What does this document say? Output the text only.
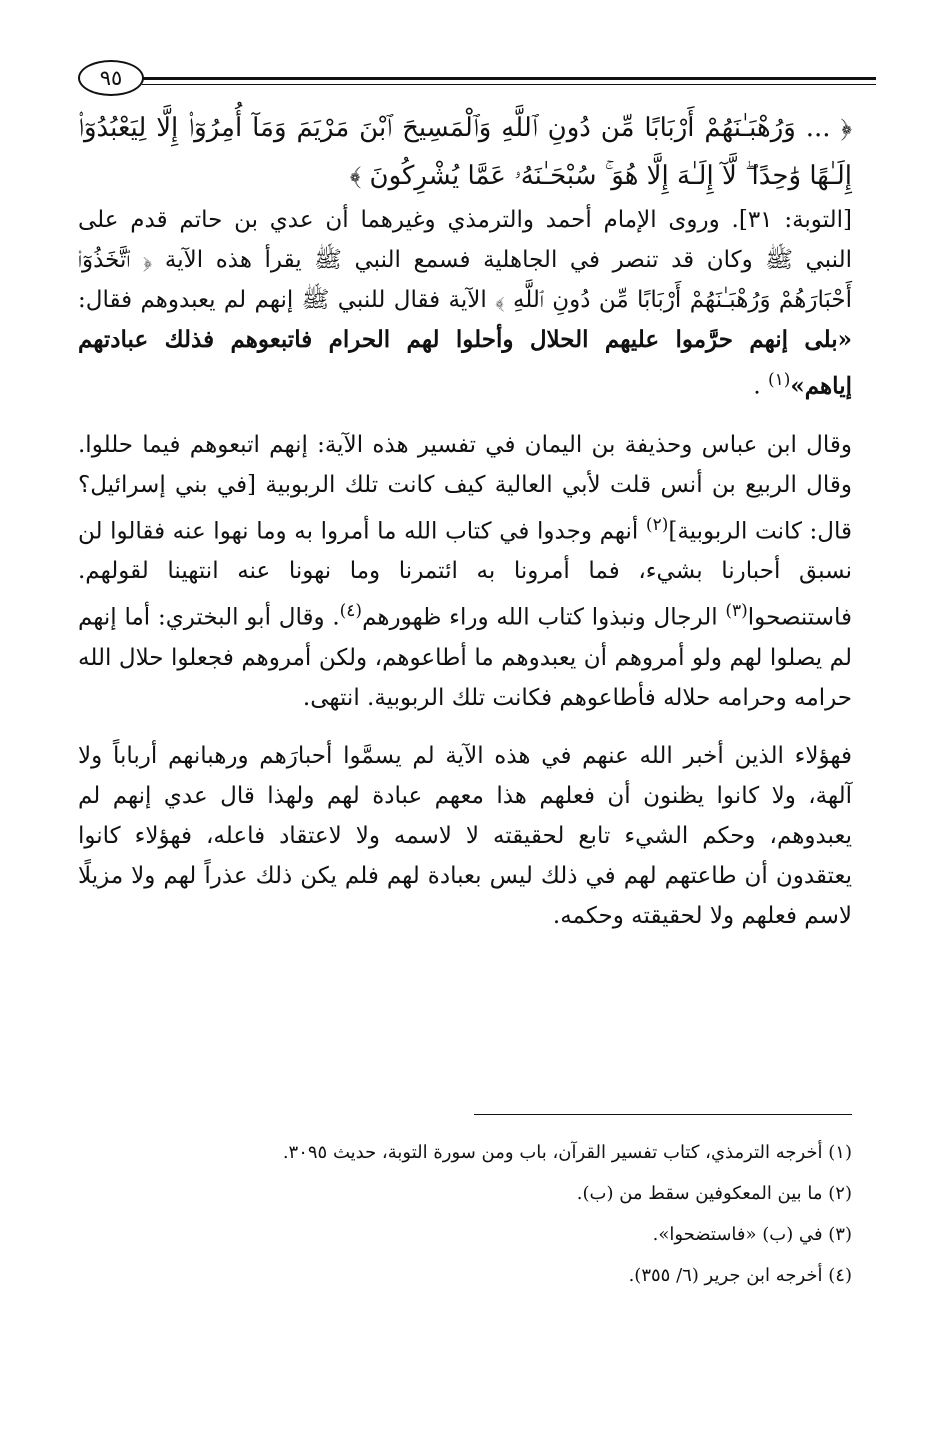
٩٥

﴿ ... وَرُهْبَـٰنَهُمْ أَرْبَابًا مِّن دُونِ ٱللَّهِ وَٱلْمَسِيحَ ٱبْنَ مَرْيَمَ وَمَآ أُمِرُوٓا۟ إِلَّا لِيَعْبُدُوٓا۟ إِلَـٰهًا وَٰحِدًا ۖ لَّآ إِلَـٰهَ إِلَّا هُوَ ۚ سُبْحَـٰنَهُۥ عَمَّا يُشْرِكُونَ ﴾

[التوبة: ٣١]. وروى الإمام أحمد والترمذي وغيرهما أن عدي بن حاتم قدم على النبي ﷺ وكان قد تنصر في الجاهلية فسمع النبي ﷺ يقرأ هذه الآية ﴿ ٱتَّخَذُوٓا۟ أَحْبَارَهُمْ وَرُهْبَـٰنَهُمْ أَرْبَابًا مِّن دُونِ ٱللَّهِ ﴾ الآية فقال للنبي ﷺ إنهم لم يعبدوهم فقال: «بلى إنهم حرَّموا عليهم الحلال وأحلوا لهم الحرام فاتبعوهم فذلك عبادتهم إياهم»$^{(١)}$ .

وقال ابن عباس وحذيفة بن اليمان في تفسير هذه الآية: إنهم اتبعوهم فيما حللوا. وقال الربيع بن أنس قلت لأبي العالية كيف كانت تلك الربوبية [في بني إسرائيل؟ قال: كانت الربوبية]$^{(٢)}$ أنهم وجدوا في كتاب الله ما أمروا به وما نهوا عنه فقالوا لن نسبق أحبارنا بشيء، فما أمرونا به ائتمرنا وما نهونا عنه انتهينا لقولهم. فاستنصحوا$^{(٣)}$ الرجال ونبذوا كتاب الله وراء ظهورهم$^{(٤)}$. وقال أبو البختري: أما إنهم لم يصلوا لهم ولو أمروهم أن يعبدوهم ما أطاعوهم، ولكن أمروهم فجعلوا حلال الله حرامه وحرامه حلاله فأطاعوهم فكانت تلك الربوبية. انتهى.

فهؤلاء الذين أخبر الله عنهم في هذه الآية لم يسمَّوا أحبارَهم ورهبانهم أرباباً ولا آلهة، ولا كانوا يظنون أن فعلهم هذا معهم عبادة لهم ولهذا قال عدي إنهم لم يعبدوهم، وحكم الشيء تابع لحقيقته لا لاسمه ولا لاعتقاد فاعله، فهؤلاء كانوا يعتقدون أن طاعتهم لهم في ذلك ليس بعبادة لهم فلم يكن ذلك عذراً لهم ولا مزيلًا لاسم فعلهم ولا لحقيقته وحكمه.

(١) أخرجه الترمذي، كتاب تفسير القرآن، باب ومن سورة التوبة، حديث ٣٠٩٥.

(٢) ما بين المعكوفين سقط من (ب).

(٣) في (ب) «فاستضحوا».

(٤) أخرجه ابن جرير (٦/ ٣٥٥).
